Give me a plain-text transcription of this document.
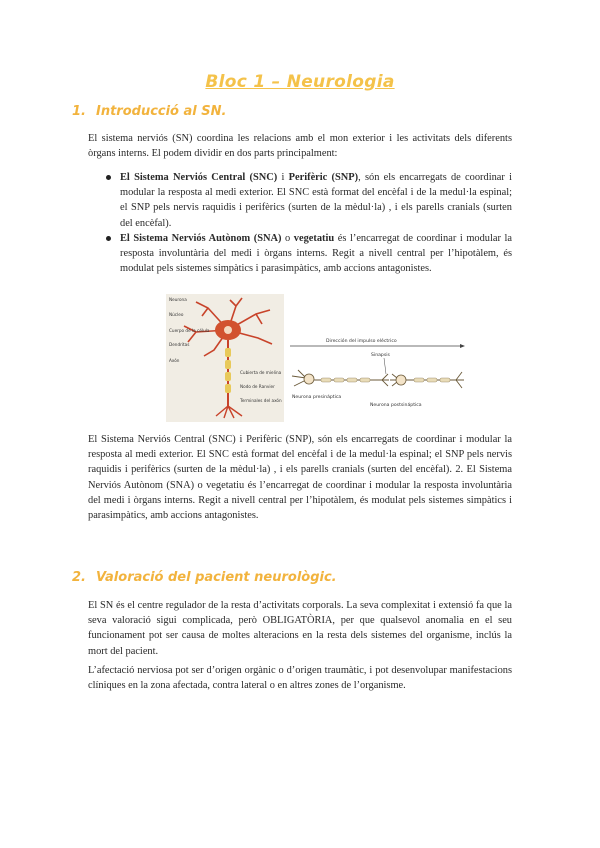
Bloc 1 – Neurologia
1. Introducció al SN.

El sistema nerviós (SN) coordina les relacions amb el mon exterior i les activitats dels diferents òrgans interns. El podem dividir en dos parts principalment:

El Sistema Nerviós Central (SNC) i Perifèric (SNP), són els encarregats de coordinar i modular la resposta al medi exterior. El SNC està format del encèfal i de la medul·la espinal; el SNP pels nervis raquidis i perifèrics (surten de la mèdul·la) , i els parells cranials (surten del encèfal).
El Sistema Nerviós Autònom (SNA) o vegetatiu és l’encarregat de coordinar i modular la resposta involuntària del medi i òrgans interns. Regit a nivell central per l’hipotàlem, és modulat pels sistemes simpàtics i parasimpàtics, amb accions antagonistes.
Neurona
Núcleo
Cuerpo de la célula
Dendritas
Axón
Cubierta de mielina
Nodo de Ranvier
Terminales del axón
Dirección del impulso eléctrico
Sinapsis
Neurona presináptica
Neurona postsináptica

El Sistema Nerviós Central (SNC) i Perifèric (SNP), són els encarregats de coordinar i modular la resposta al medi exterior. El SNC està format del encèfal i de la medul·la espinal; el SNP pels nervis raquidis i perifèrics (surten de la mèdul·la) , i els parells cranials (surten del encèfal). 2. El Sistema Nerviós Autònom (SNA) o vegetatiu és l’encarregat de coordinar i modular la resposta involuntària del medi i òrgans interns. Regit a nivell central per l’hipotàlem, és modulat pels sistemes simpàtics i parasimpàtics, amb accions antagonistes.

2. Valoració del pacient neurològic.

El SN és el centre regulador de la resta d’activitats corporals. La seva complexitat i extensió fa que la seva valoració sigui complicada, però OBLIGATÒRIA, per que qualsevol anomalia en el seu funcionament pot ser causa de moltes alteracions en la resta dels sistemes del organisme, inclús la mort del pacient.

L’afectació nerviosa pot ser d’origen orgànic o d’origen traumàtic, i pot desenvolupar manifestacions clíniques en la zona afectada, contra lateral o en altres zones de l’organisme.
